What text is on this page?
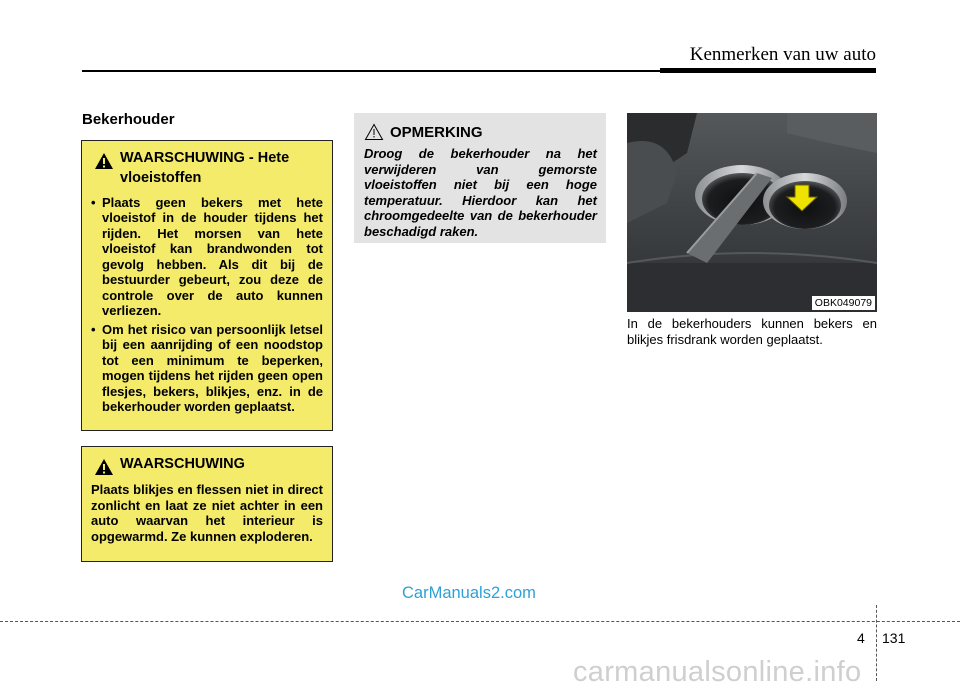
Kenmerken van uw auto
Bekerhouder
WAARSCHUWING - Hete
vloeistoffen
• Plaats geen bekers met hete vloeistof in de houder tijdens het rijden. Het morsen van hete vloeistof kan brandwonden tot gevolg hebben. Als dit bij de bestuurder gebeurt, zou deze de controle over de auto kunnen verliezen.
• Om het risico van persoonlijk letsel bij een aanrijding of een noodstop tot een minimum te beperken, mogen tijdens het rijden geen open flesjes, bekers, blikjes, enz. in de bekerhouder worden geplaatst.
WAARSCHUWING
Plaats blikjes en flessen niet in direct zonlicht en laat ze niet achter in een auto waarvan het interieur is opgewarmd. Ze kunnen exploderen.
OPMERKING
Droog de bekerhouder na het verwijderen van gemorste vloeistoffen niet bij een hoge temperatuur. Hierdoor kan het chroomgedeelte van de bekerhouder beschadigd raken.
OBK049079
In de bekerhouders kunnen bekers en blikjes frisdrank worden geplaatst.
CarManuals2.com
4 131
carmanualsonline.info
